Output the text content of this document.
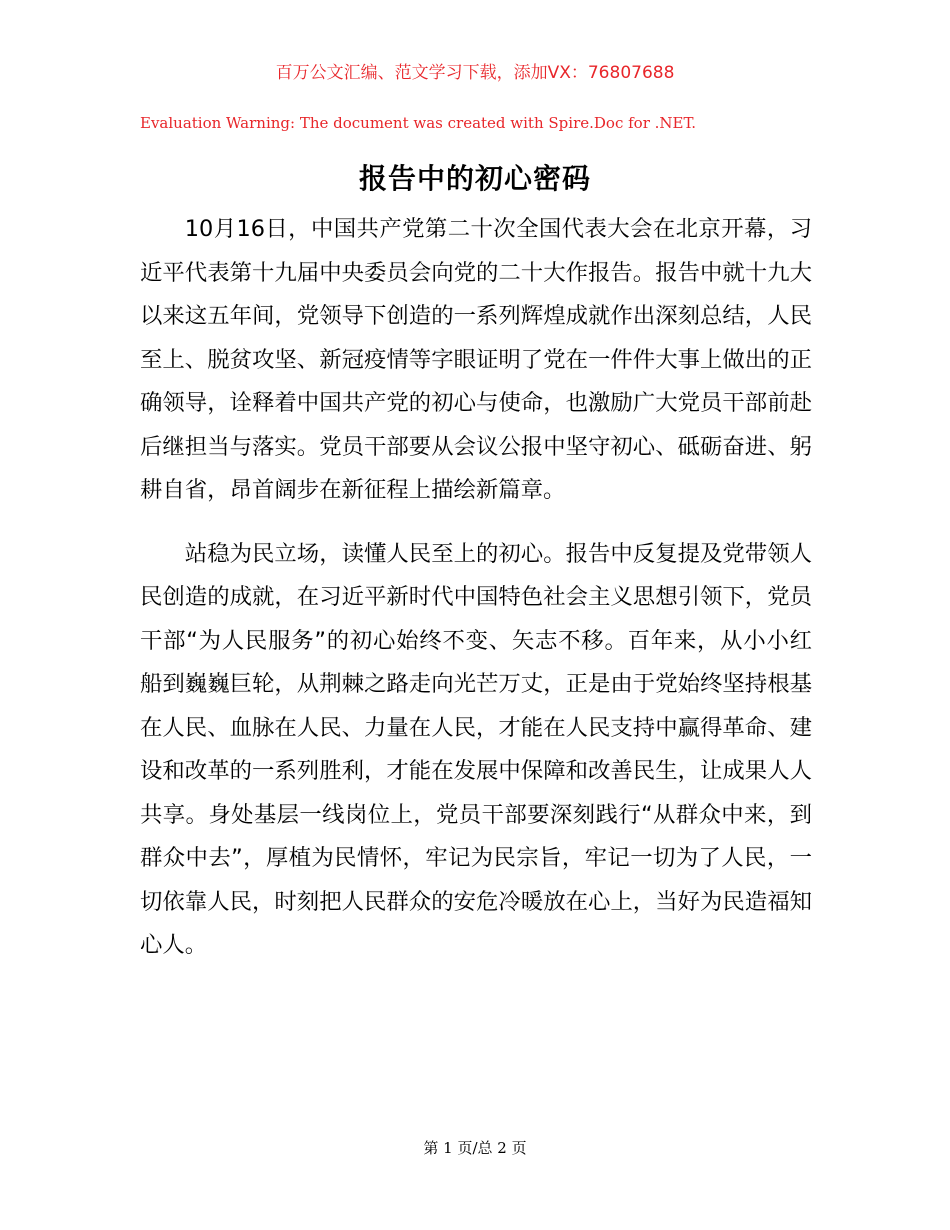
百万公文汇编、范文学习下载，添加VX：76807688
Evaluation Warning: The document was created with Spire.Doc for .NET.
报告中的初心密码

10月16日，中国共产党第二十次全国代表大会在北京开幕，习近平代表第十九届中央委员会向党的二十大作报告。报告中就十九大以来这五年间，党领导下创造的一系列辉煌成就作出深刻总结，人民至上、脱贫攻坚、新冠疫情等字眼证明了党在一件件大事上做出的正确领导，诠释着中国共产党的初心与使命，也激励广大党员干部前赴后继担当与落实。党员干部要从会议公报中坚守初心、砥砺奋进、躬耕自省，昂首阔步在新征程上描绘新篇章。

站稳为民立场，读懂人民至上的初心。报告中反复提及党带领人民创造的成就，在习近平新时代中国特色社会主义思想引领下，党员干部“为人民服务”的初心始终不变、矢志不移。百年来，从小小红船到巍巍巨轮，从荆棘之路走向光芒万丈，正是由于党始终坚持根基在人民、血脉在人民、力量在人民，才能在人民支持中赢得革命、建设和改革的一系列胜利，才能在发展中保障和改善民生，让成果人人共享。身处基层一线岗位上，党员干部要深刻践行“从群众中来，到群众中去”，厚植为民情怀，牢记为民宗旨，牢记一切为了人民，一切依靠人民，时刻把人民群众的安危冷暖放在心上，当好为民造福知心人。

第 1 页/总 2 页
